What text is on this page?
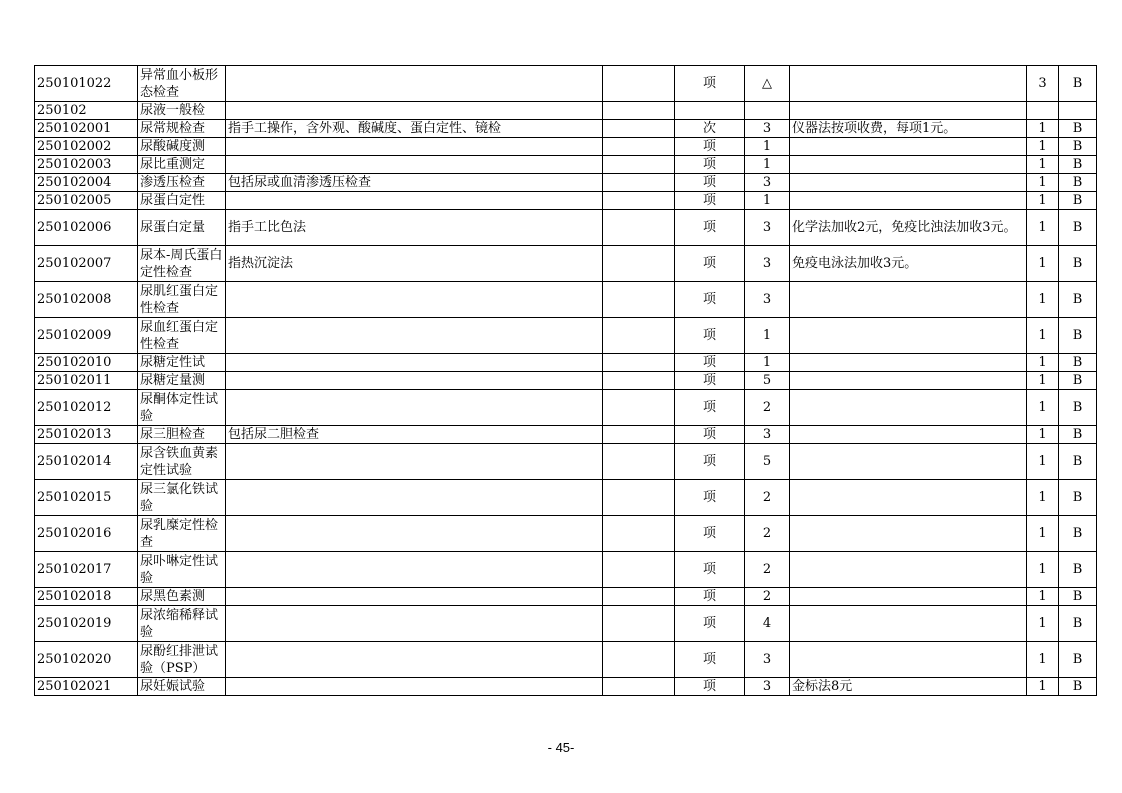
250101022	异常血小板形态检查			项	△		3	B
250102	尿液一般检							
250102001	尿常规检查	指手工操作，含外观、酸碱度、蛋白定性、镜检		次	3	仪器法按项收费，每项1元。	1	B
250102002	尿酸碱度测			项	1		1	B
250102003	尿比重测定			项	1		1	B
250102004	渗透压检查	包括尿或血清渗透压检查		项	3		1	B
250102005	尿蛋白定性			项	1		1	B
250102006	尿蛋白定量	指手工比色法		项	3	化学法加收2元，免疫比浊法加收3元。	1	B
250102007	尿本-周氏蛋白定性检查	指热沉淀法		项	3	免疫电泳法加收3元。	1	B
250102008	尿肌红蛋白定性检查			项	3		1	B
250102009	尿血红蛋白定性检查			项	1		1	B
250102010	尿糖定性试			项	1		1	B
250102011	尿糖定量测			项	5		1	B
250102012	尿酮体定性试验			项	2		1	B
250102013	尿三胆检查	包括尿二胆检查		项	3		1	B
250102014	尿含铁血黄素定性试验			项	5		1	B
250102015	尿三氯化铁试验			项	2		1	B
250102016	尿乳糜定性检查			项	2		1	B
250102017	尿卟啉定性试验			项	2		1	B
250102018	尿黑色素测			项	2		1	B
250102019	尿浓缩稀释试验			项	4		1	B
250102020	尿酚红排泄试验（PSP）			项	3		1	B
250102021	尿妊娠试验			项	3	金标法8元	1	B
- 45-
